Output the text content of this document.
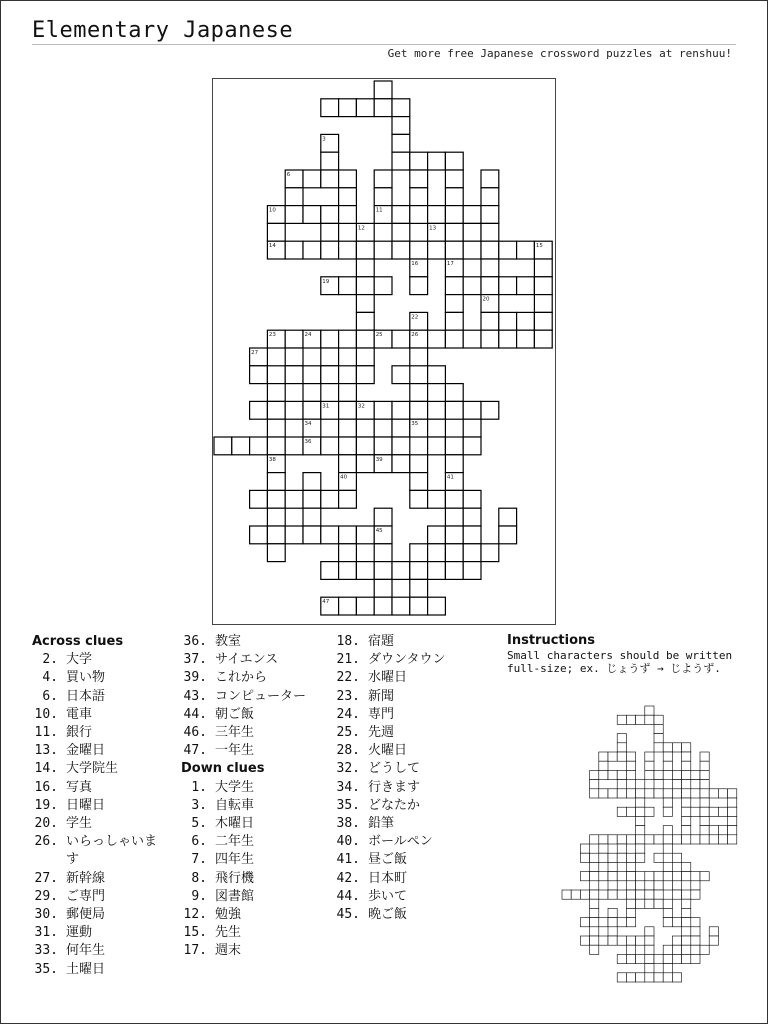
Elementary Japanese
Get more free Japanese crossword puzzles at renshuu!
3
6
10	11
12	13
14	15
16	17
19
20
22
23	24	25	26
27
31	32
34	35
36
38	39
40	41
45
47
Across clues
2. 大学
4. 買い物
6. 日本語
10. 電車
11. 銀行
13. 金曜日
14. 大学院生
16. 写真
19. 日曜日
20. 学生
26. いらっしゃいま
す
27. 新幹線
29. ご専門
30. 郵便局
31. 運動
33. 何年生
35. 土曜日
36. 教室
37. サイエンス
39. これから
43. コンピューター
44. 朝ご飯
46. 三年生
47. 一年生
Down clues
1. 大学生
3. 自転車
5. 木曜日
6. 二年生
7. 四年生
8. 飛行機
9. 図書館
12. 勉強
15. 先生
17. 週末
18. 宿題
21. ダウンタウン
22. 水曜日
23. 新聞
24. 専門
25. 先週
28. 火曜日
32. どうして
34. 行きます
35. どなたか
38. 鉛筆
40. ボールペン
41. 昼ご飯
42. 日本町
44. 歩いて
45. 晩ご飯
Instructions
Small characters should be written full-size; ex. じょうず → じようず.
